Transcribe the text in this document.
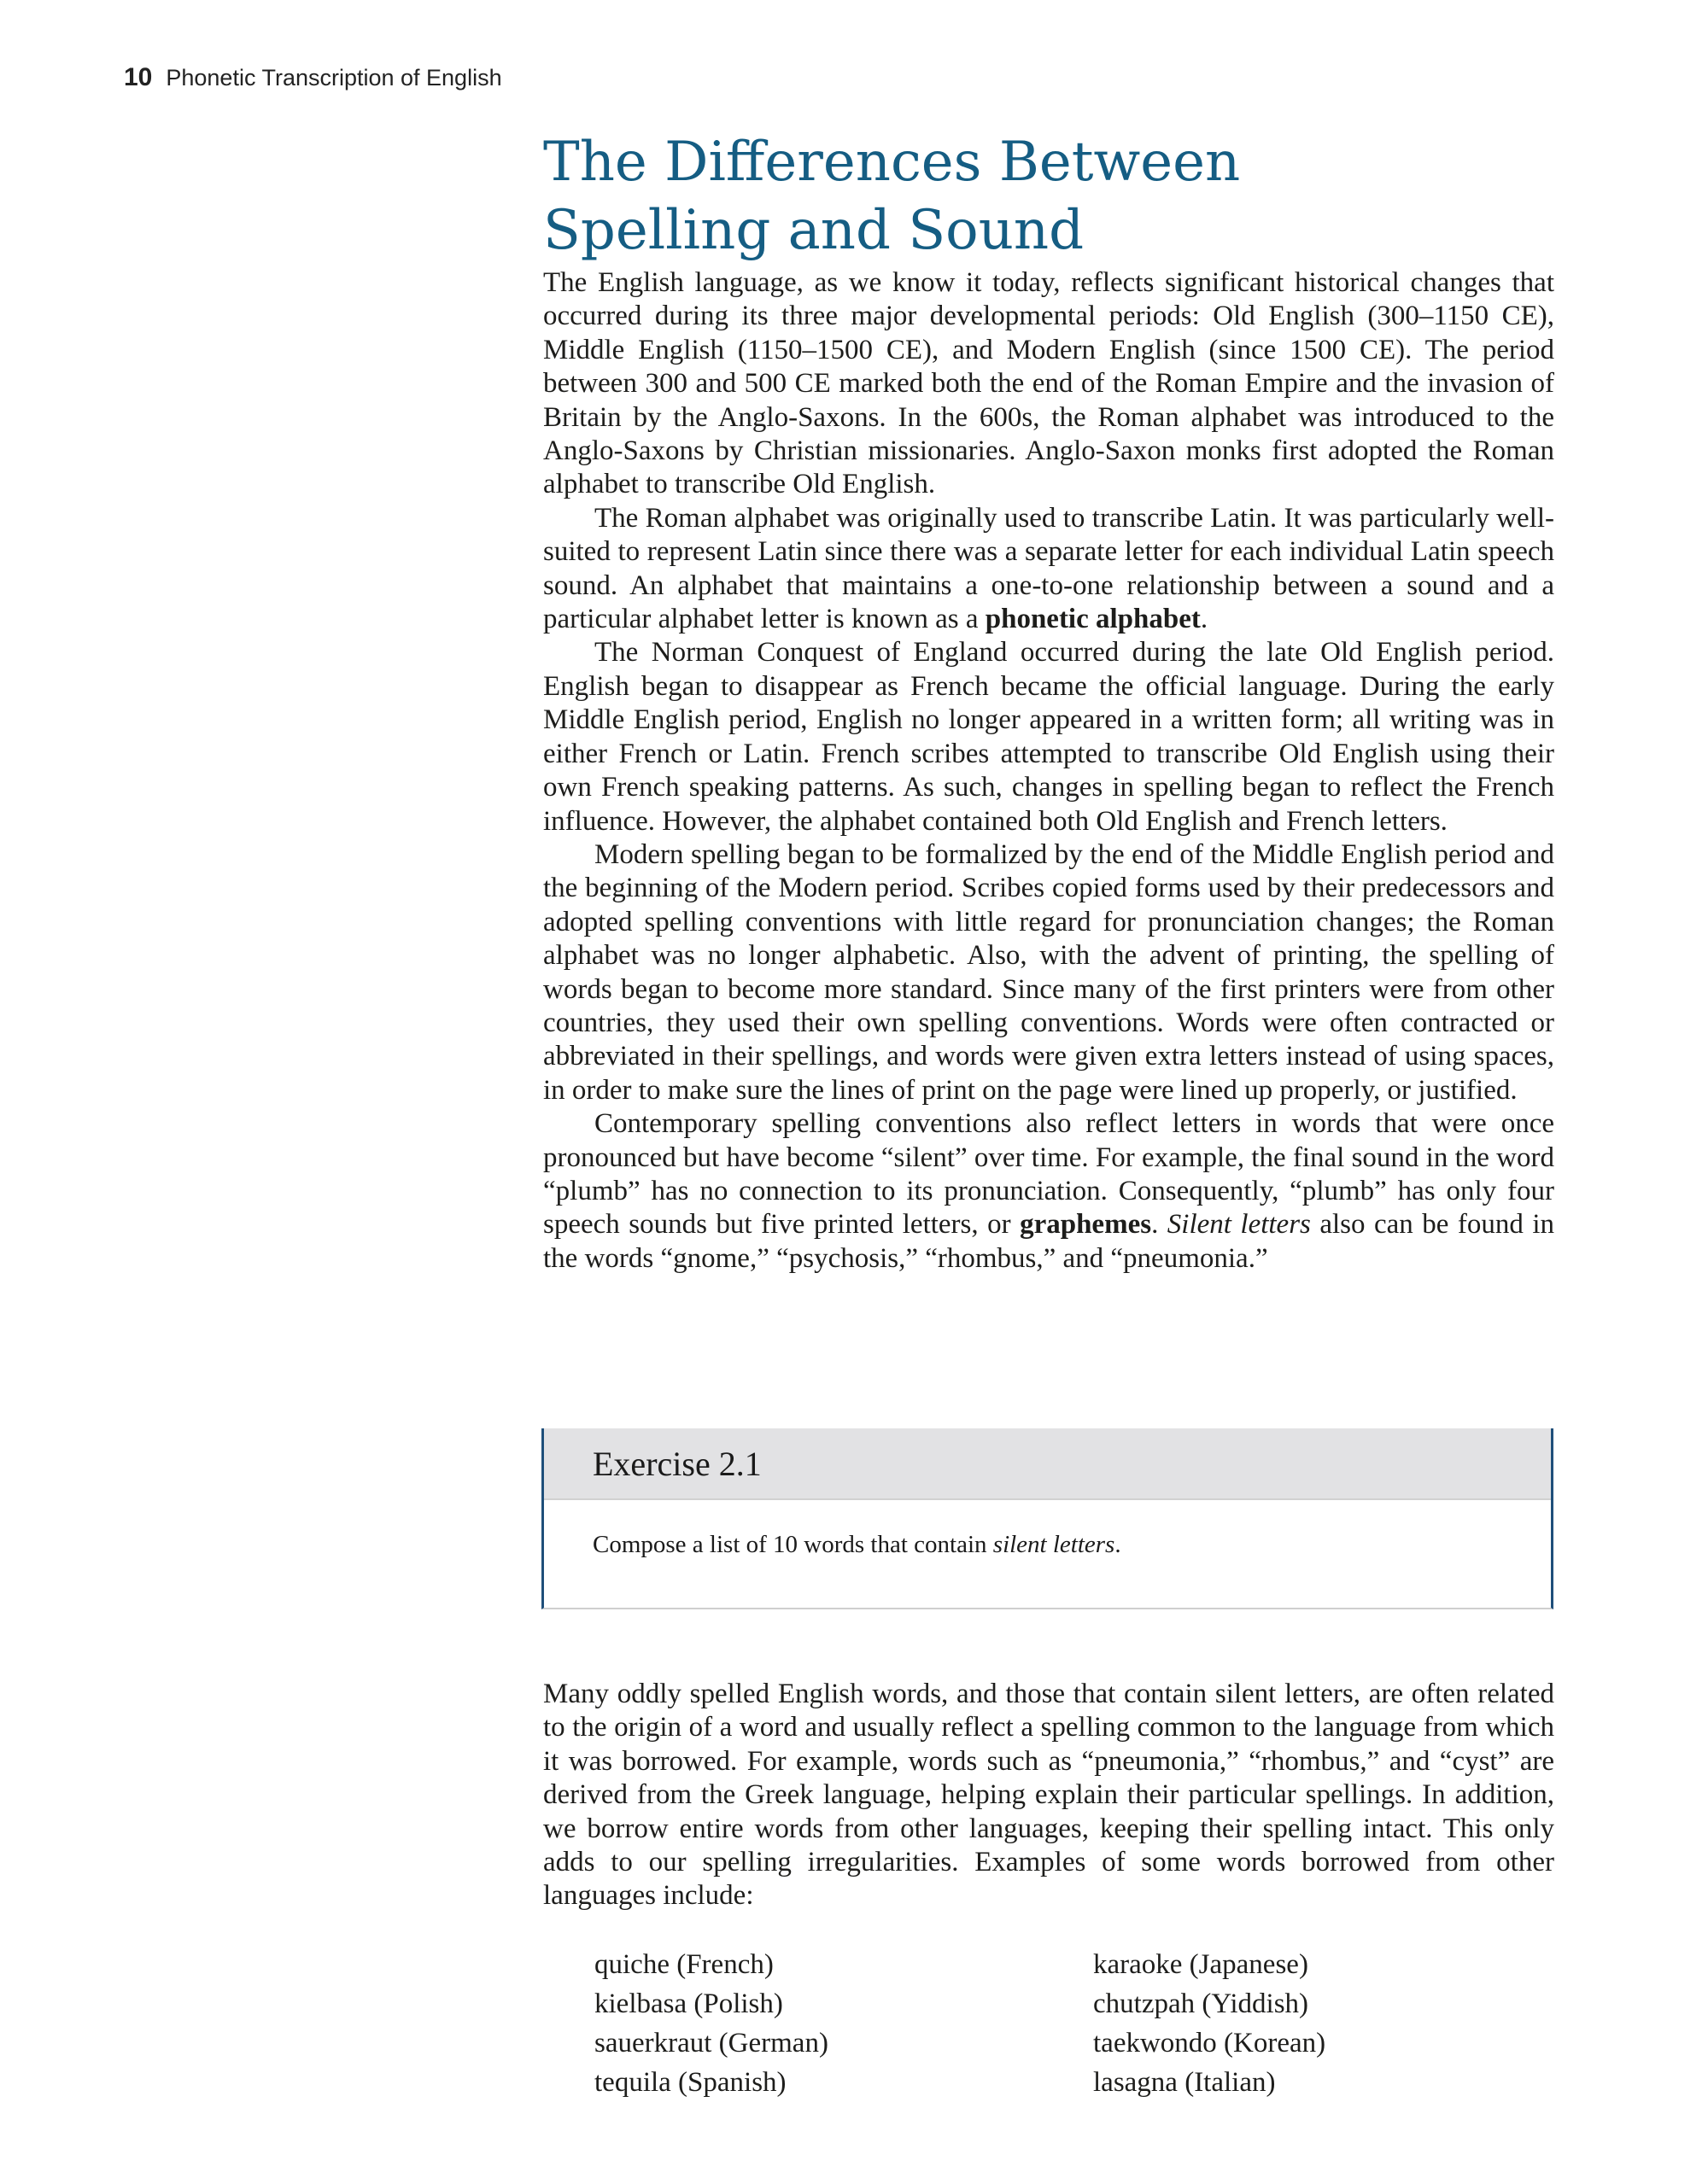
10 Phonetic Transcription of English
The Differences Between Spelling and Sound

The English language, as we know it today, reflects significant historical changes that occurred during its three major developmental periods: Old English (300–1150 CE), Middle English (1150–1500 CE), and Modern English (since 1500 CE). The period between 300 and 500 CE marked both the end of the Roman Empire and the invasion of Britain by the Anglo-Saxons. In the 600s, the Roman alphabet was introduced to the Anglo-Saxons by Christian missionaries. Anglo-Saxon monks first adopted the Roman alphabet to transcribe Old English.

The Roman alphabet was originally used to transcribe Latin. It was particularly well-suited to represent Latin since there was a separate letter for each individual Latin speech sound. An alphabet that maintains a one-to-one relationship between a sound and a particular alphabet letter is known as a phonetic alphabet.

The Norman Conquest of England occurred during the late Old English period. English began to disappear as French became the official language. During the early Middle English period, English no longer appeared in a written form; all writing was in either French or Latin. French scribes attempted to transcribe Old English using their own French speaking patterns. As such, changes in spelling began to reflect the French influence. However, the alphabet contained both Old English and French letters.

Modern spelling began to be formalized by the end of the Middle English period and the beginning of the Modern period. Scribes copied forms used by their predecessors and adopted spelling conventions with little regard for pronunciation changes; the Roman alphabet was no longer alphabetic. Also, with the advent of printing, the spelling of words began to become more standard. Since many of the first printers were from other countries, they used their own spelling conventions. Words were often contracted or abbreviated in their spellings, and words were given extra letters instead of using spaces, in order to make sure the lines of print on the page were lined up properly, or justified.

Contemporary spelling conventions also reflect letters in words that were once pronounced but have become “silent” over time. For example, the final sound in the word “plumb” has no connection to its pronunciation. Consequently, “plumb” has only four speech sounds but five printed letters, or graphemes. Silent letters also can be found in the words “gnome,” “psychosis,” “rhombus,” and “pneumonia.”

Exercise 2.1
Compose a list of 10 words that contain silent letters.

Many oddly spelled English words, and those that contain silent letters, are often related to the origin of a word and usually reflect a spelling common to the language from which it was borrowed. For example, words such as “pneumonia,” “rhombus,” and “cyst” are derived from the Greek language, helping explain their particular spellings. In addition, we borrow entire words from other languages, keeping their spelling intact. This only adds to our spelling irregularities. Examples of some words borrowed from other languages include:

quiche (French)	karaoke (Japanese)
kielbasa (Polish)	chutzpah (Yiddish)
sauerkraut (German)	taekwondo (Korean)
tequila (Spanish)	lasagna (Italian)
